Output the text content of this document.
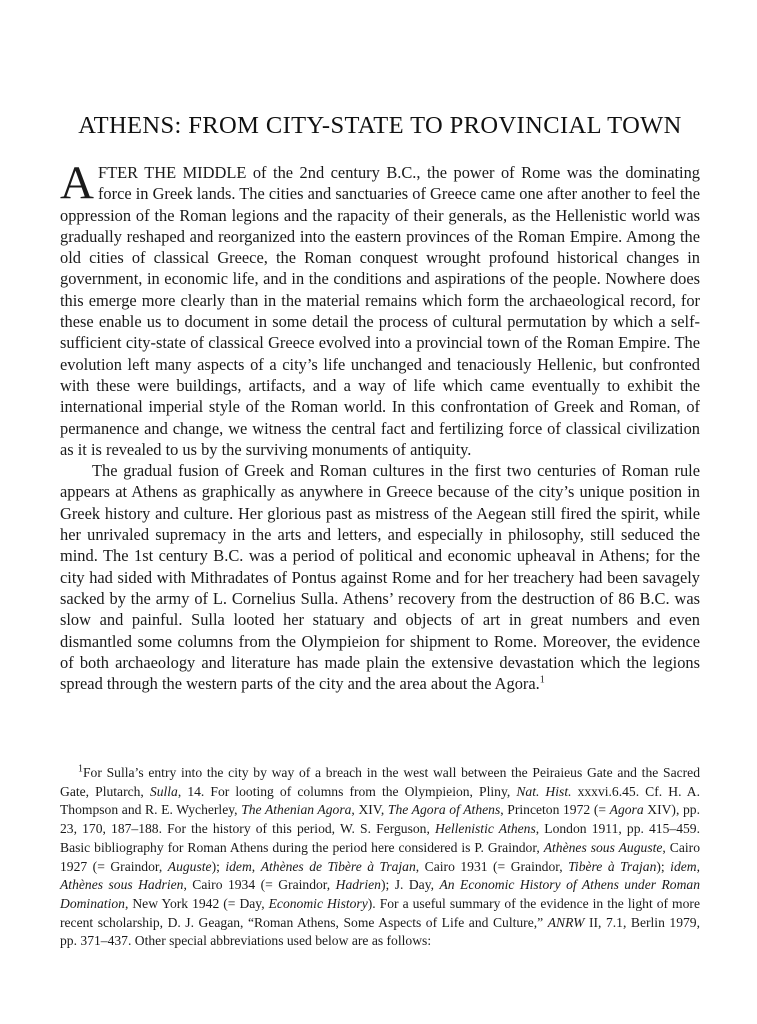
ATHENS: FROM CITY-STATE TO PROVINCIAL TOWN

AFTER THE MIDDLE of the 2nd century B.C., the power of Rome was the dominating force in Greek lands. The cities and sanctuaries of Greece came one after another to feel the oppression of the Roman legions and the rapacity of their generals, as the Hellenistic world was gradually reshaped and reorganized into the eastern provinces of the Roman Empire. Among the old cities of classical Greece, the Roman conquest wrought profound historical changes in government, in economic life, and in the conditions and aspirations of the people. Nowhere does this emerge more clearly than in the material remains which form the archaeological record, for these enable us to document in some detail the process of cultural permutation by which a self-sufficient city-state of classical Greece evolved into a provincial town of the Roman Empire. The evolution left many aspects of a city’s life unchanged and tenaciously Hellenic, but confronted with these were buildings, artifacts, and a way of life which came eventually to exhibit the international imperial style of the Roman world. In this confrontation of Greek and Roman, of permanence and change, we witness the central fact and fertilizing force of classical civilization as it is revealed to us by the surviving monuments of antiquity.

The gradual fusion of Greek and Roman cultures in the first two centuries of Roman rule appears at Athens as graphically as anywhere in Greece because of the city’s unique position in Greek history and culture. Her glorious past as mistress of the Aegean still fired the spirit, while her unrivaled supremacy in the arts and letters, and especially in philosophy, still seduced the mind. The 1st century B.C. was a period of political and economic upheaval in Athens; for the city had sided with Mithradates of Pontus against Rome and for her treachery had been savagely sacked by the army of L. Cornelius Sulla. Athens’ recovery from the destruction of 86 B.C. was slow and painful. Sulla looted her statuary and objects of art in great numbers and even dismantled some columns from the Olympieion for shipment to Rome. Moreover, the evidence of both archaeology and literature has made plain the extensive devastation which the legions spread through the western parts of the city and the area about the Agora.$^1$

$^1$For Sulla’s entry into the city by way of a breach in the west wall between the Peiraieus Gate and the Sacred Gate, Plutarch, Sulla, 14. For looting of columns from the Olympieion, Pliny, Nat. Hist. xxxvi.6.45. Cf. H. A. Thompson and R. E. Wycherley, The Athenian Agora, XIV, The Agora of Athens, Princeton 1972 (= Agora XIV), pp. 23, 170, 187–188. For the history of this period, W. S. Ferguson, Hellenistic Athens, London 1911, pp. 415–459. Basic bibliography for Roman Athens during the period here considered is P. Graindor, Athènes sous Auguste, Cairo 1927 (= Graindor, Auguste); idem, Athènes de Tibère à Trajan, Cairo 1931 (= Graindor, Tibère à Trajan); idem, Athènes sous Hadrien, Cairo 1934 (= Graindor, Hadrien); J. Day, An Economic History of Athens under Roman Domination, New York 1942 (= Day, Economic History). For a useful summary of the evidence in the light of more recent scholarship, D. J. Geagan, “Roman Athens, Some Aspects of Life and Culture,” ANRW II, 7.1, Berlin 1979, pp. 371–437. Other special abbreviations used below are as follows:
